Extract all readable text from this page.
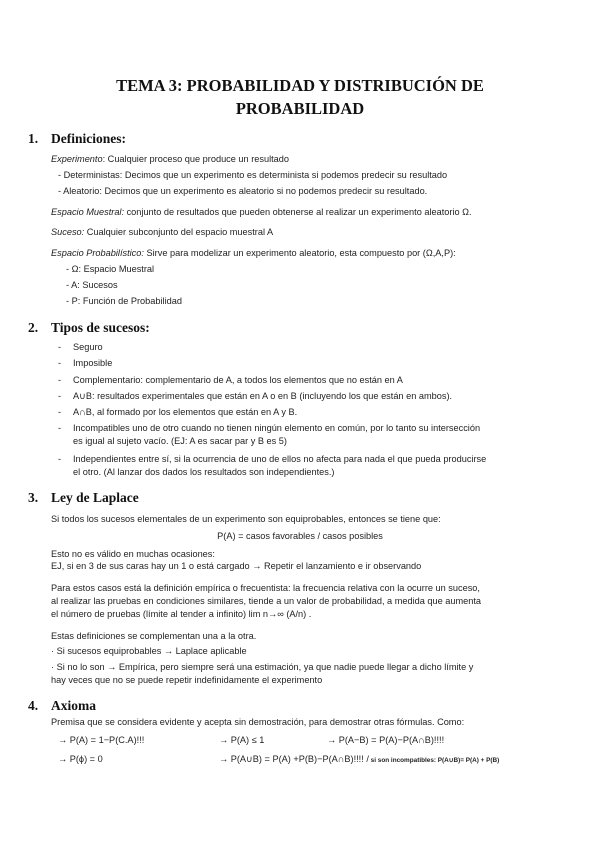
TEMA 3: PROBABILIDAD Y DISTRIBUCIÓN DE
PROBABILIDAD
1. Definiciones:
Experimento: Cualquier proceso que produce un resultado
- Deterministas: Decimos que un experimento es determinista si podemos predecir su resultado
- Aleatorio: Decimos que un experimento es aleatorio si no podemos predecir su resultado.
Espacio Muestral: conjunto de resultados que pueden obtenerse al realizar un experimento aleatorio Ω.
Suceso: Cualquier subconjunto del espacio muestral A
Espacio Probabilístico: Sirve para modelizar un experimento aleatorio, esta compuesto por (Ω,A,P):
- Ω: Espacio Muestral
- A: Sucesos
- P: Función de Probabilidad
2. Tipos de sucesos:
- Seguro
- Imposible
- Complementario: complementario de A, a todos los elementos que no están en A
- A∪B: resultados experimentales que están en A o en B (incluyendo los que están en ambos).
- A∩B, al formado por los elementos que están en A y B.
- Incompatibles uno de otro cuando no tienen ningún elemento en común, por lo tanto su intersección
es igual al sujeto vacío. (EJ: A es sacar par y B es 5)
- Independientes entre sí, si la ocurrencia de uno de ellos no afecta para nada el que pueda producirse
el otro. (Al lanzar dos dados los resultados son independientes.)
3. Ley de Laplace
Si todos los sucesos elementales de un experimento son equiprobables, entonces se tiene que:
P(A) = casos favorables / casos posibles
Esto no es válido en muchas ocasiones:
EJ, si en 3 de sus caras hay un 1 o está cargado → Repetir el lanzamiento e ir observando
Para estos casos está la definición empírica o frecuentista: la frecuencia relativa con la ocurre un suceso,
al realizar las pruebas en condiciones similares, tiende a un valor de probabilidad, a medida que aumenta
el número de pruebas (límite al tender a infinito) lim n→∞ (A/n) .
Estas definiciones se complementan una a la otra.
· Si sucesos equiprobables → Laplace aplicable
· Si no lo son → Empírica, pero siempre será una estimación, ya que nadie puede llegar a dicho límite y
hay veces que no se puede repetir indefinidamente el experimento
4. Axioma
Premisa que se considera evidente y acepta sin demostración, para demostrar otras fórmulas. Como:
→ P(A) = 1−P(C.A)!!!	→ P(A) ≤ 1	→ P(A−B) = P(A)−P(A∩B)!!!!
→ P(ϕ) = 0	→ P(A∪B) = P(A) +P(B)−P(A∩B)!!!! / si son incompatibles: P(A∪B)= P(A) + P(B)
